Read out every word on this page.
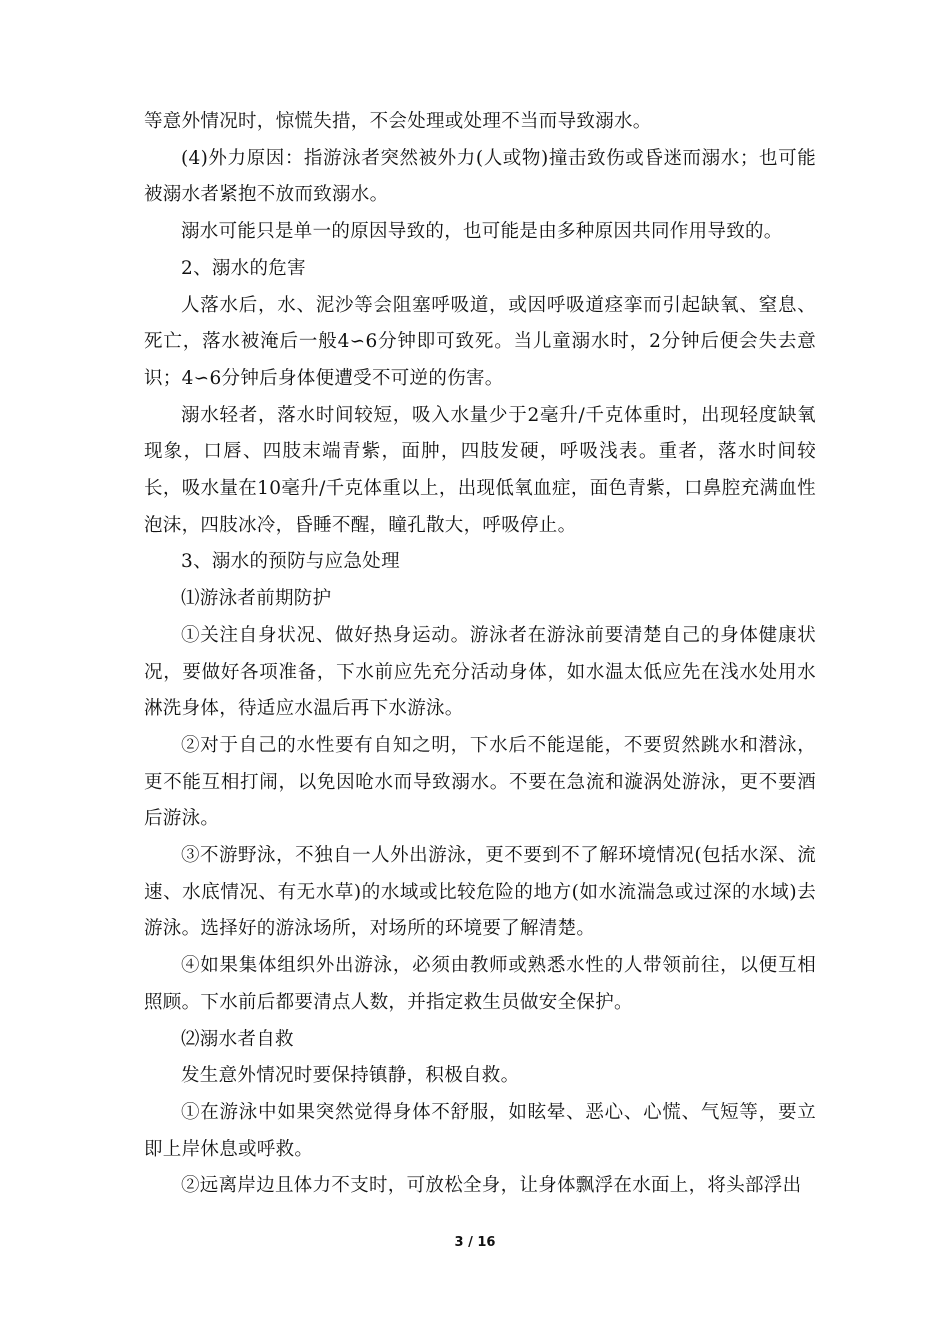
等意外情况时，惊慌失措，不会处理或处理不当而导致溺水。

(4)外力原因：指游泳者突然被外力(人或物)撞击致伤或昏迷而溺水；也可能被溺水者紧抱不放而致溺水。

溺水可能只是单一的原因导致的，也可能是由多种原因共同作用导致的。

2、溺水的危害

人落水后，水、泥沙等会阻塞呼吸道，或因呼吸道痉挛而引起缺氧、窒息、死亡，落水被淹后一般4∽6分钟即可致死。当儿童溺水时，2分钟后便会失去意识；4∽6分钟后身体便遭受不可逆的伤害。

溺水轻者，落水时间较短，吸入水量少于2毫升/千克体重时，出现轻度缺氧现象，口唇、四肢末端青紫，面肿，四肢发硬，呼吸浅表。重者，落水时间较长，吸水量在10毫升/千克体重以上，出现低氧血症，面色青紫，口鼻腔充满血性泡沫，四肢冰冷，昏睡不醒，瞳孔散大，呼吸停止。

3、溺水的预防与应急处理

⑴游泳者前期防护

①关注自身状况、做好热身运动。游泳者在游泳前要清楚自己的身体健康状况，要做好各项准备，下水前应先充分活动身体，如水温太低应先在浅水处用水淋洗身体，待适应水温后再下水游泳。

②对于自己的水性要有自知之明，下水后不能逞能，不要贸然跳水和潜泳，更不能互相打闹，以免因呛水而导致溺水。不要在急流和漩涡处游泳，更不要酒后游泳。

③不游野泳，不独自一人外出游泳，更不要到不了解环境情况(包括水深、流速、水底情况、有无水草)的水域或比较危险的地方(如水流湍急或过深的水域)去游泳。选择好的游泳场所，对场所的环境要了解清楚。

④如果集体组织外出游泳，必须由教师或熟悉水性的人带领前往，以便互相照顾。下水前后都要清点人数，并指定救生员做安全保护。

⑵溺水者自救

发生意外情况时要保持镇静，积极自救。

①在游泳中如果突然觉得身体不舒服，如眩晕、恶心、心慌、气短等，要立即上岸休息或呼救。

②远离岸边且体力不支时，可放松全身，让身体飘浮在水面上，将头部浮出

3 / 16
